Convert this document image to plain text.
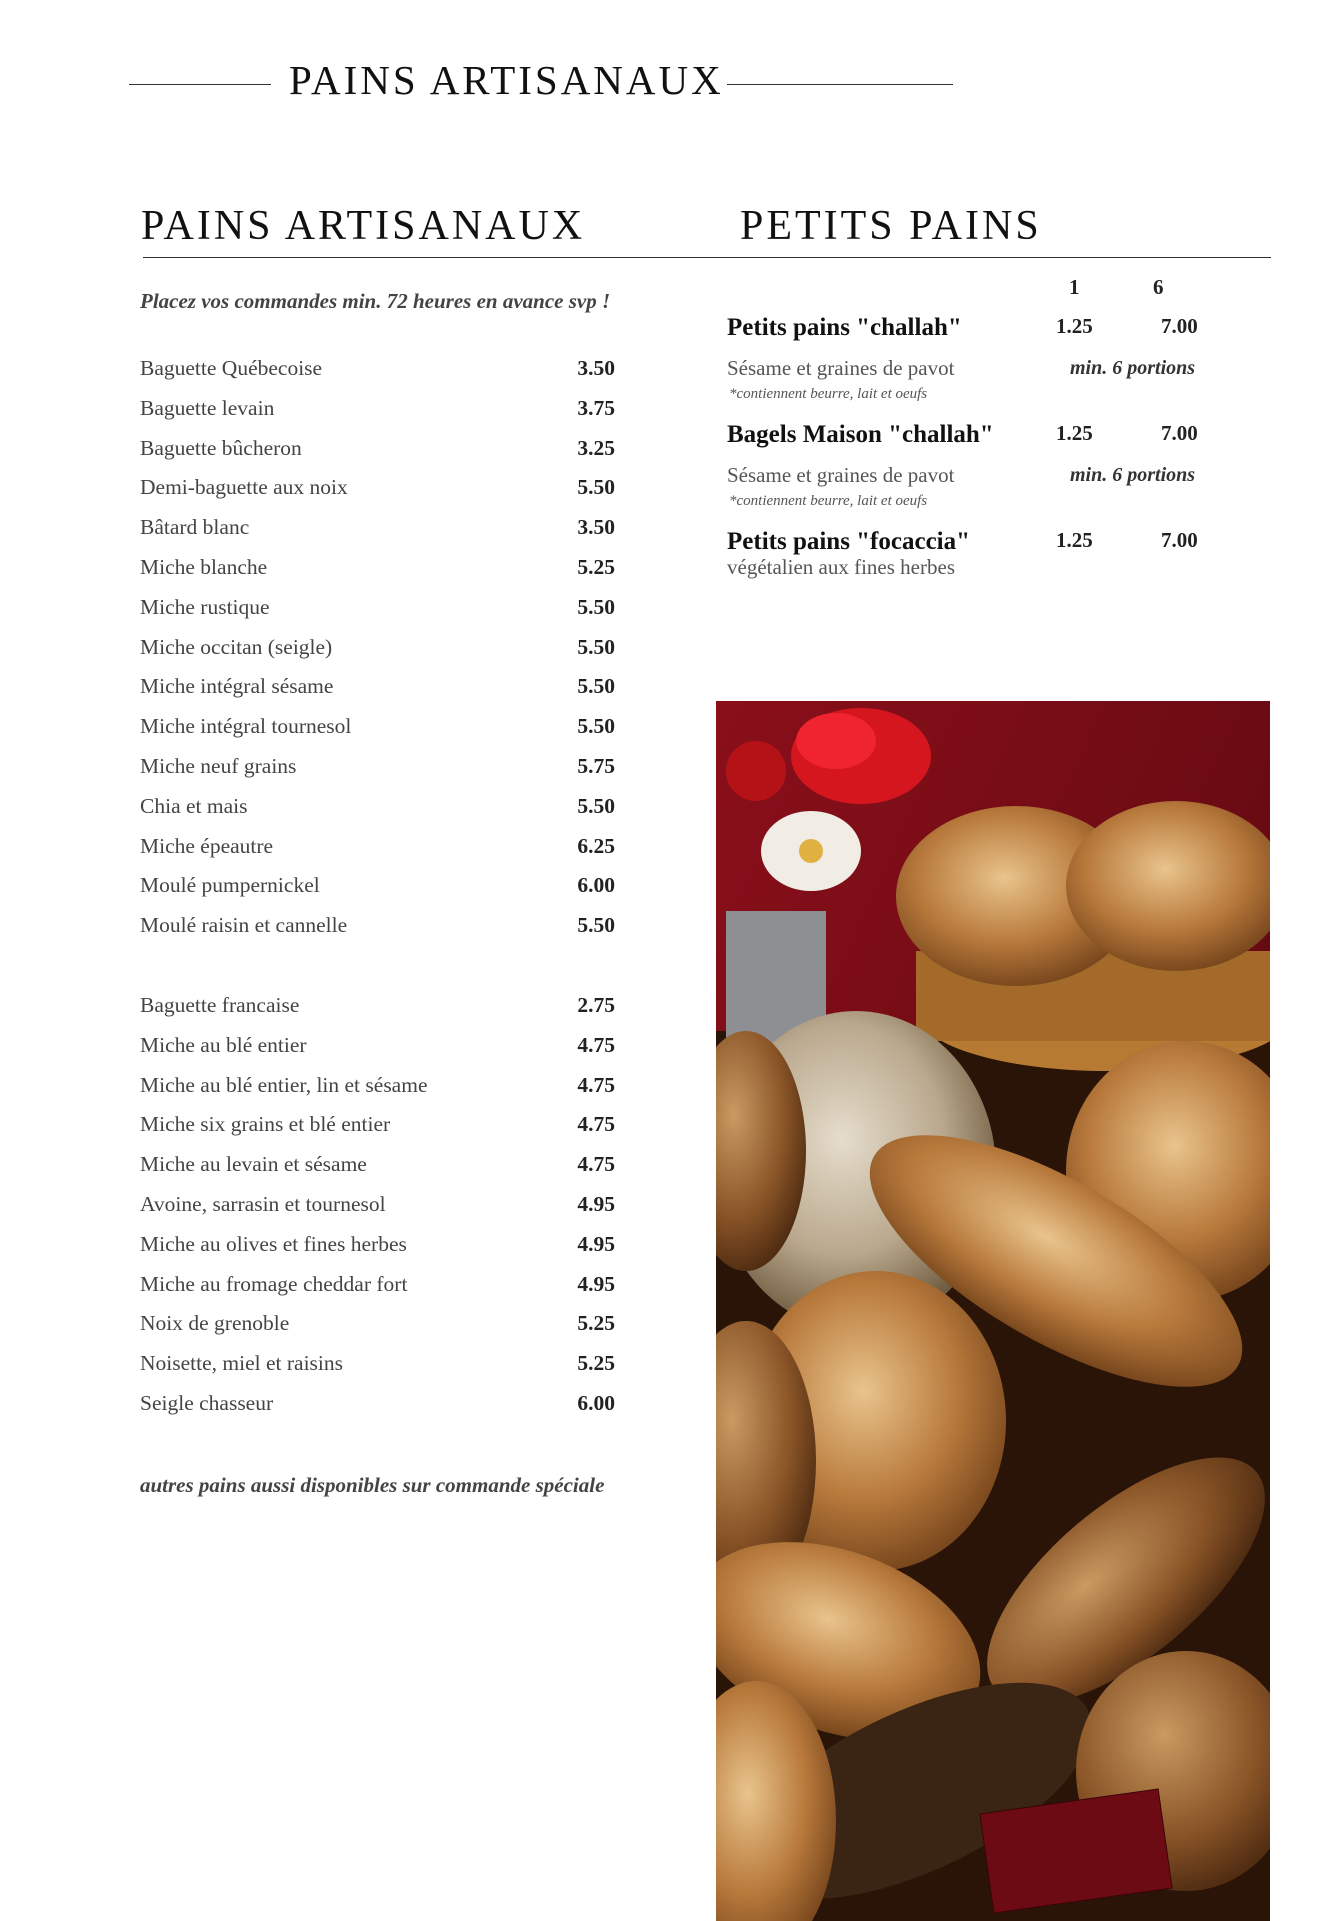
PAINS ARTISANAUX
PAINS ARTISANAUX	PETITS PAINS
Placez vos commandes min. 72 heures en avance svp !
Baguette Québecoise	3.50
Baguette levain	3.75
Baguette bûcheron	3.25
Demi-baguette aux noix	5.50
Bâtard blanc	3.50
Miche blanche	5.25
Miche rustique	5.50
Miche occitan (seigle)	5.50
Miche intégral sésame	5.50
Miche intégral tournesol	5.50
Miche neuf grains	5.75
Chia et mais	5.50
Miche épeautre	6.25
Moulé pumpernickel	6.00
Moulé raisin et cannelle	5.50
Baguette francaise	2.75
Miche au blé entier	4.75
Miche au blé entier, lin et sésame	4.75
Miche six grains et blé entier	4.75
Miche au levain et sésame	4.75
Avoine, sarrasin et tournesol	4.95
Miche au olives et fines herbes	4.95
Miche au fromage cheddar fort	4.95
Noix de grenoble	5.25
Noisette, miel et raisins	5.25
Seigle chasseur	6.00
autres pains aussi disponibles sur commande spéciale
1	6
Petits pains "challah"	1.25	7.00
Sésame et graines de pavot	min. 6 portions
*contiennent beurre, lait et oeufs
Bagels Maison "challah"	1.25	7.00
Sésame et graines de pavot	min. 6 portions
*contiennent beurre, lait et oeufs
Petits pains "focaccia"	1.25	7.00
végétalien aux fines herbes
